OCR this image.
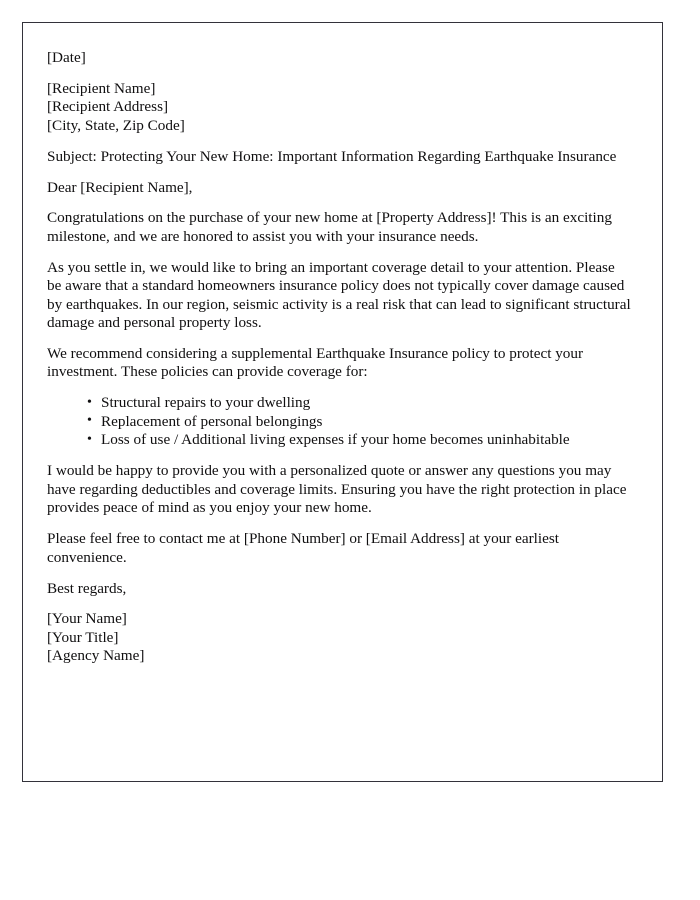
[Date]

[Recipient Name]
[Recipient Address]
[City, State, Zip Code]

Subject: Protecting Your New Home: Important Information Regarding Earthquake Insurance

Dear [Recipient Name],

Congratulations on the purchase of your new home at [Property Address]! This is an exciting milestone, and we are honored to assist you with your insurance needs.

As you settle in, we would like to bring an important coverage detail to your attention. Please be aware that a standard homeowners insurance policy does not typically cover damage caused by earthquakes. In our region, seismic activity is a real risk that can lead to significant structural damage and personal property loss.

We recommend considering a supplemental Earthquake Insurance policy to protect your investment. These policies can provide coverage for:

• Structural repairs to your dwelling
• Replacement of personal belongings
• Loss of use / Additional living expenses if your home becomes uninhabitable

I would be happy to provide you with a personalized quote or answer any questions you may have regarding deductibles and coverage limits. Ensuring you have the right protection in place provides peace of mind as you enjoy your new home.

Please feel free to contact me at [Phone Number] or [Email Address] at your earliest convenience.

Best regards,

[Your Name]
[Your Title]
[Agency Name]
